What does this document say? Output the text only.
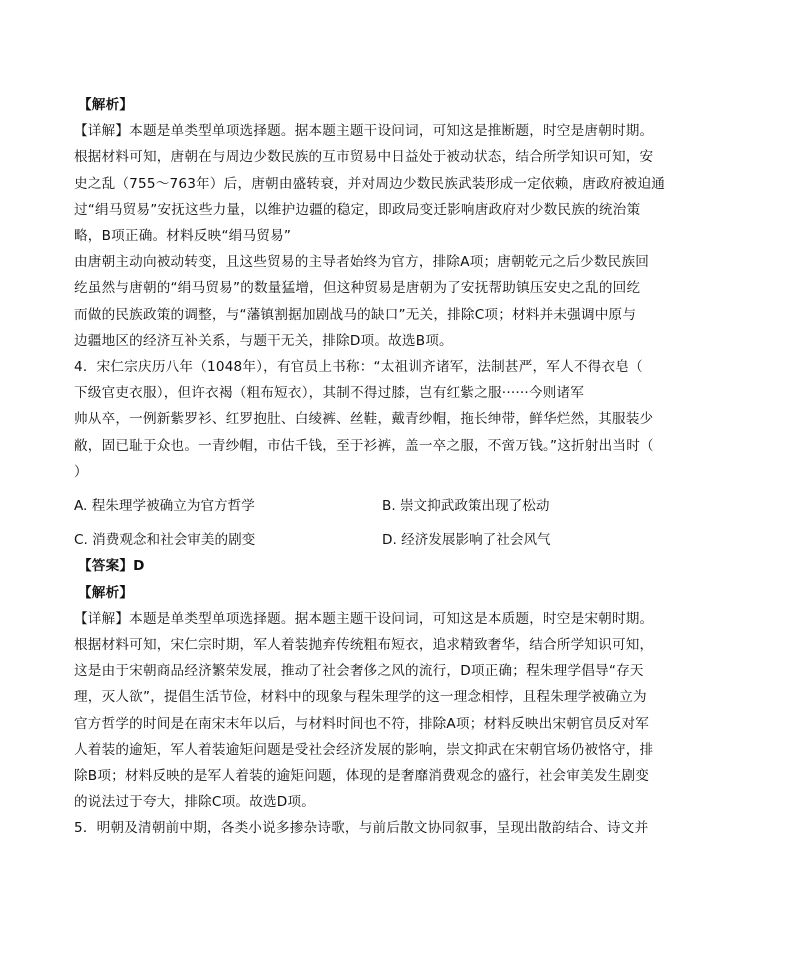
【解析】
【详解】本题是单类型单项选择题。据本题主题干设问词，可知这是推断题，时空是唐朝时期。
根据材料可知，唐朝在与周边少数民族的互市贸易中日益处于被动状态，结合所学知识可知，安
史之乱（755～763年）后，唐朝由盛转衰，并对周边少数民族武装形成一定依赖，唐政府被迫通
过“绢马贸易”安抚这些力量，以维护边疆的稳定，即政局变迁影响唐政府对少数民族的统治策
略，B项正确。材料反映“绢马贸易”
由唐朝主动向被动转变，且这些贸易的主导者始终为官方，排除A项；唐朝乾元之后少数民族回
纥虽然与唐朝的“绢马贸易”的数量猛增，但这种贸易是唐朝为了安抚帮助镇压安史之乱的回纥
而做的民族政策的调整，与“藩镇割据加剧战马的缺口”无关，排除C项；材料并未强调中原与
边疆地区的经济互补关系，与题干无关，排除D项。故选B项。
4．宋仁宗庆历八年（1048年），有官员上书称：“太祖训齐诸军，法制甚严，军人不得衣皂（
下级官吏衣服），但许衣褐（粗布短衣），其制不得过膝，岂有红紫之服······今则诸军
帅从卒，一例新紫罗衫、红罗抱肚、白绫裤、丝鞋，戴青纱帽，拖长绅带，鲜华烂然，其服装少
敝，固已耻于众也。一青纱帽，市估千钱，至于衫裤，盖一卒之服，不啻万钱。”这折射出当时（
）
A. 程朱理学被确立为官方哲学	B. 崇文抑武政策出现了松动
C. 消费观念和社会审美的剧变	D. 经济发展影响了社会风气
【答案】D
【解析】
【详解】本题是单类型单项选择题。据本题主题干设问词，可知这是本质题，时空是宋朝时期。
根据材料可知，宋仁宗时期，军人着装抛弃传统粗布短衣，追求精致奢华，结合所学知识可知，
这是由于宋朝商品经济繁荣发展，推动了社会奢侈之风的流行，D项正确；程朱理学倡导“存天
理，灭人欲”，提倡生活节俭，材料中的现象与程朱理学的这一理念相悖，且程朱理学被确立为
官方哲学的时间是在南宋末年以后，与材料时间也不符，排除A项；材料反映出宋朝官员反对军
人着装的逾矩，军人着装逾矩问题是受社会经济发展的影响，崇文抑武在宋朝官场仍被恪守，排
除B项；材料反映的是军人着装的逾矩问题，体现的是奢靡消费观念的盛行，社会审美发生剧变
的说法过于夸大，排除C项。故选D项。
5．明朝及清朝前中期，各类小说多掺杂诗歌，与前后散文协同叙事，呈现出散韵结合、诗文并
